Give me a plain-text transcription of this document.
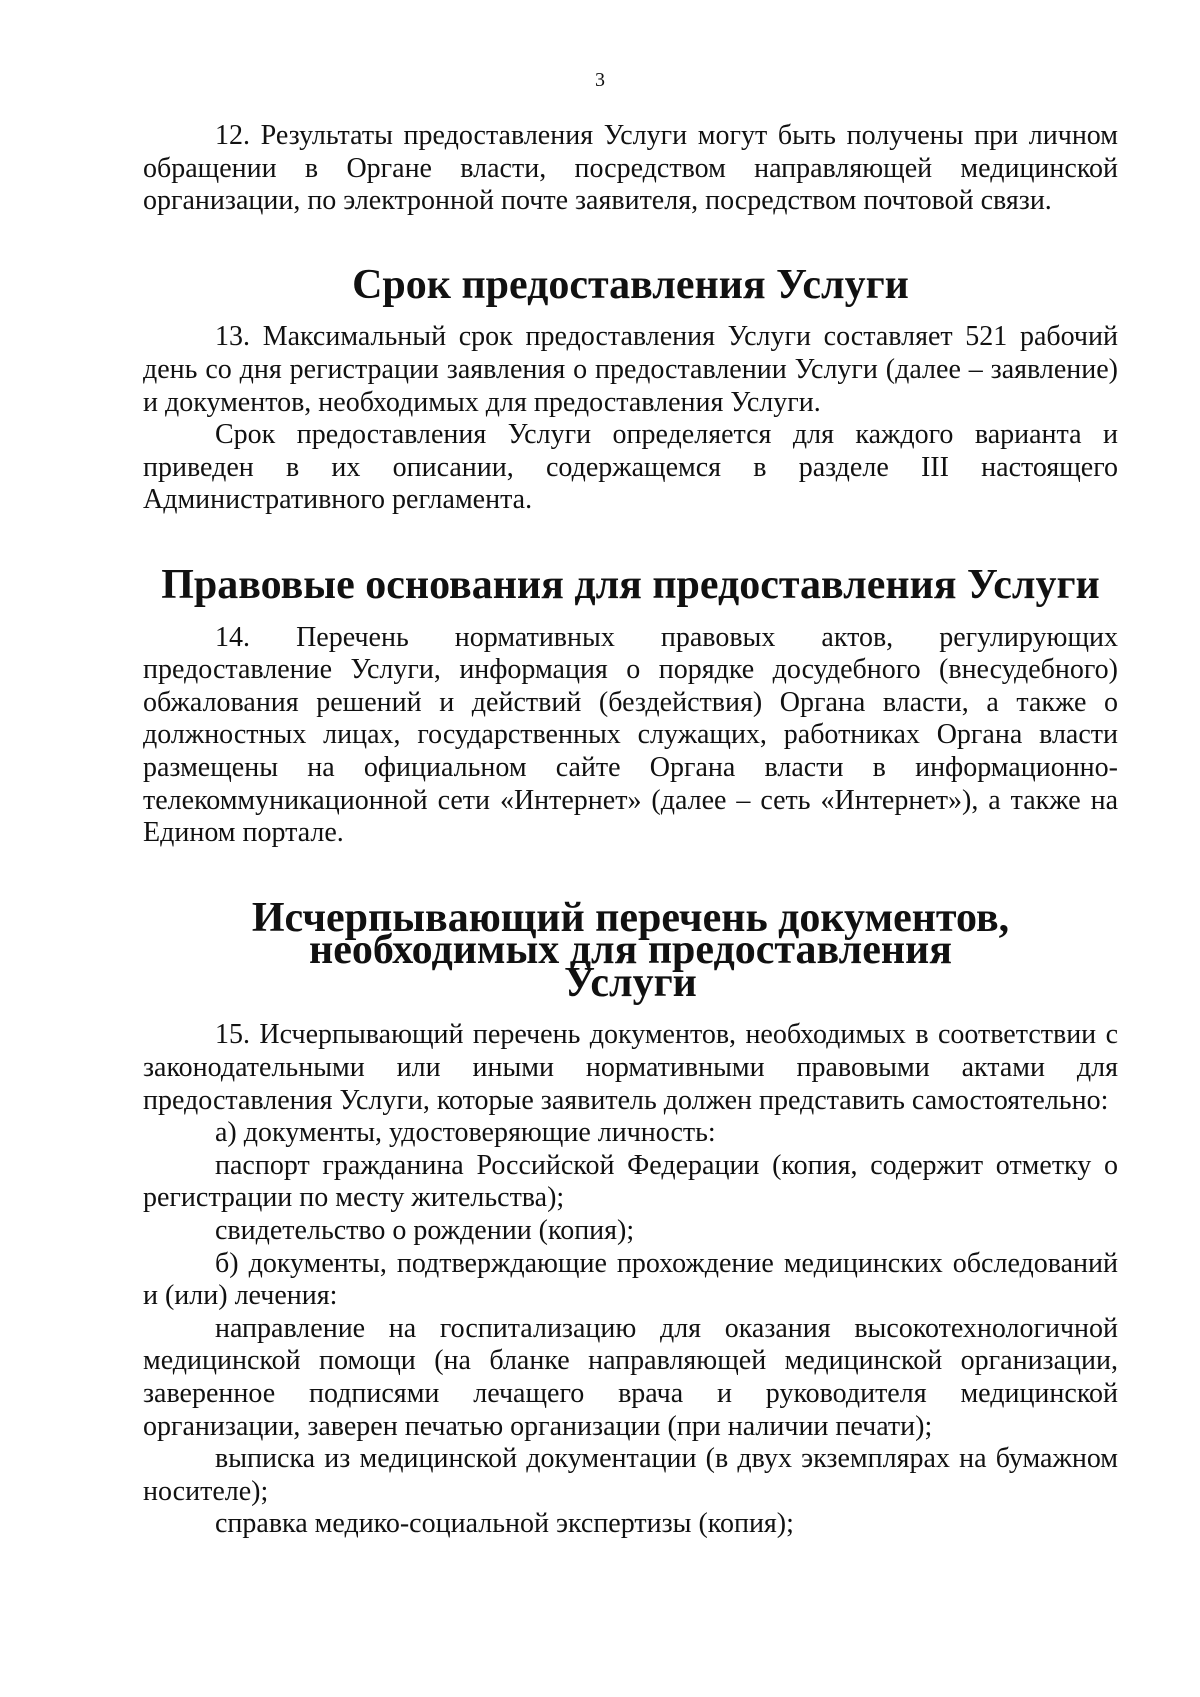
3

12. Результаты предоставления Услуги могут быть получены при личном обращении в Органе власти, посредством направляющей медицинской организации, по электронной почте заявителя, посредством почтовой связи.

Срок предоставления Услуги

13. Максимальный срок предоставления Услуги составляет 521 рабочий день со дня регистрации заявления о предоставлении Услуги (далее – заявление) и документов, необходимых для предоставления Услуги.

Срок предоставления Услуги определяется для каждого варианта и приведен в их описании, содержащемся в разделе III настоящего Административного регламента.

Правовые основания для предоставления Услуги

14. Перечень нормативных правовых актов, регулирующих предоставление Услуги, информация о порядке досудебного (внесудебного) обжалования решений и действий (бездействия) Органа власти, а также о должностных лицах, государственных служащих, работниках Органа власти размещены на официальном сайте Органа власти в информационно-телекоммуникационной сети «Интернет» (далее – сеть «Интернет»), а также на Едином портале.

Исчерпывающий перечень документов, необходимых для предоставления
Услуги

15. Исчерпывающий перечень документов, необходимых в соответствии с законодательными или иными нормативными правовыми актами для предоставления Услуги, которые заявитель должен представить самостоятельно:

а) документы, удостоверяющие личность:

паспорт гражданина Российской Федерации (копия, содержит отметку о регистрации по месту жительства);

свидетельство о рождении (копия);

б) документы, подтверждающие прохождение медицинских обследований и (или) лечения:

направление на госпитализацию для оказания высокотехнологичной медицинской помощи (на бланке направляющей медицинской организации, заверенное подписями лечащего врача и руководителя медицинской организации, заверен печатью организации (при наличии печати);

выписка из медицинской документации (в двух экземплярах на бумажном носителе);

справка медико-социальной экспертизы (копия);
